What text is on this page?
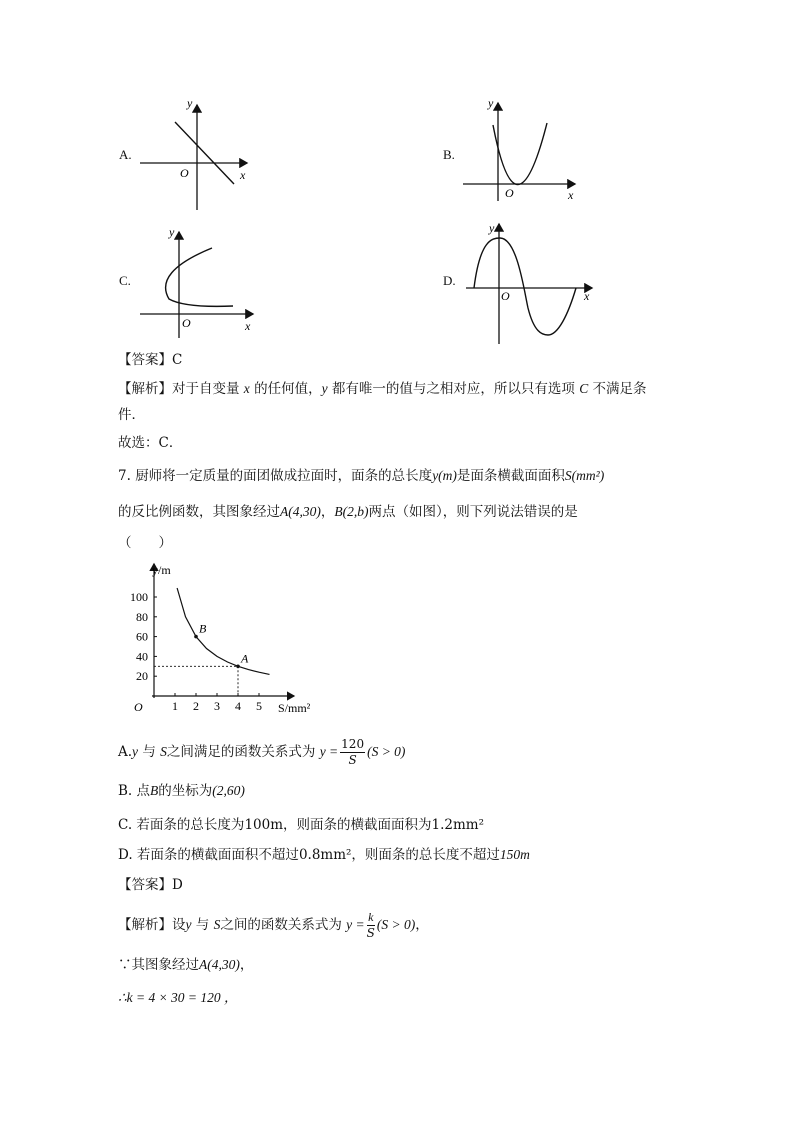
A.
y
x
O
B.
y
x
O
C.
y
x
O
D.
y
x
O
【答案】C
【解析】对于自变量 x 的任何值，y 都有唯一的值与之相对应，所以只有选项 C 不满足条
件．
故选：C．
7. 厨师将一定质量的面团做成拉面时，面条的总长度y(m)是面条横截面面积S(mm²)
的反比例函数，其图象经过A(4,30)，B(2,b)两点（如图），则下列说法错误的是
（　　）
1 2 3 4 5
20
40
60
80
100
B
A
y/m
S/mm²
O
A.y 与 S之间满足的函数关系式为 $y = \frac{120}{S} (S > 0)$
B. 点B的坐标为(2,60)
C. 若面条的总长度为100m，则面条的横截面面积为1.2mm²
D. 若面条的横截面面积不超过0.8mm²，则面条的总长度不超过150m
【答案】D
【解析】设y 与 S之间的函数关系式为 $y = \frac{k}{S} (S > 0)$，
∵其图象经过A(4,30)，
∴k = 4 × 30 = 120 ，
